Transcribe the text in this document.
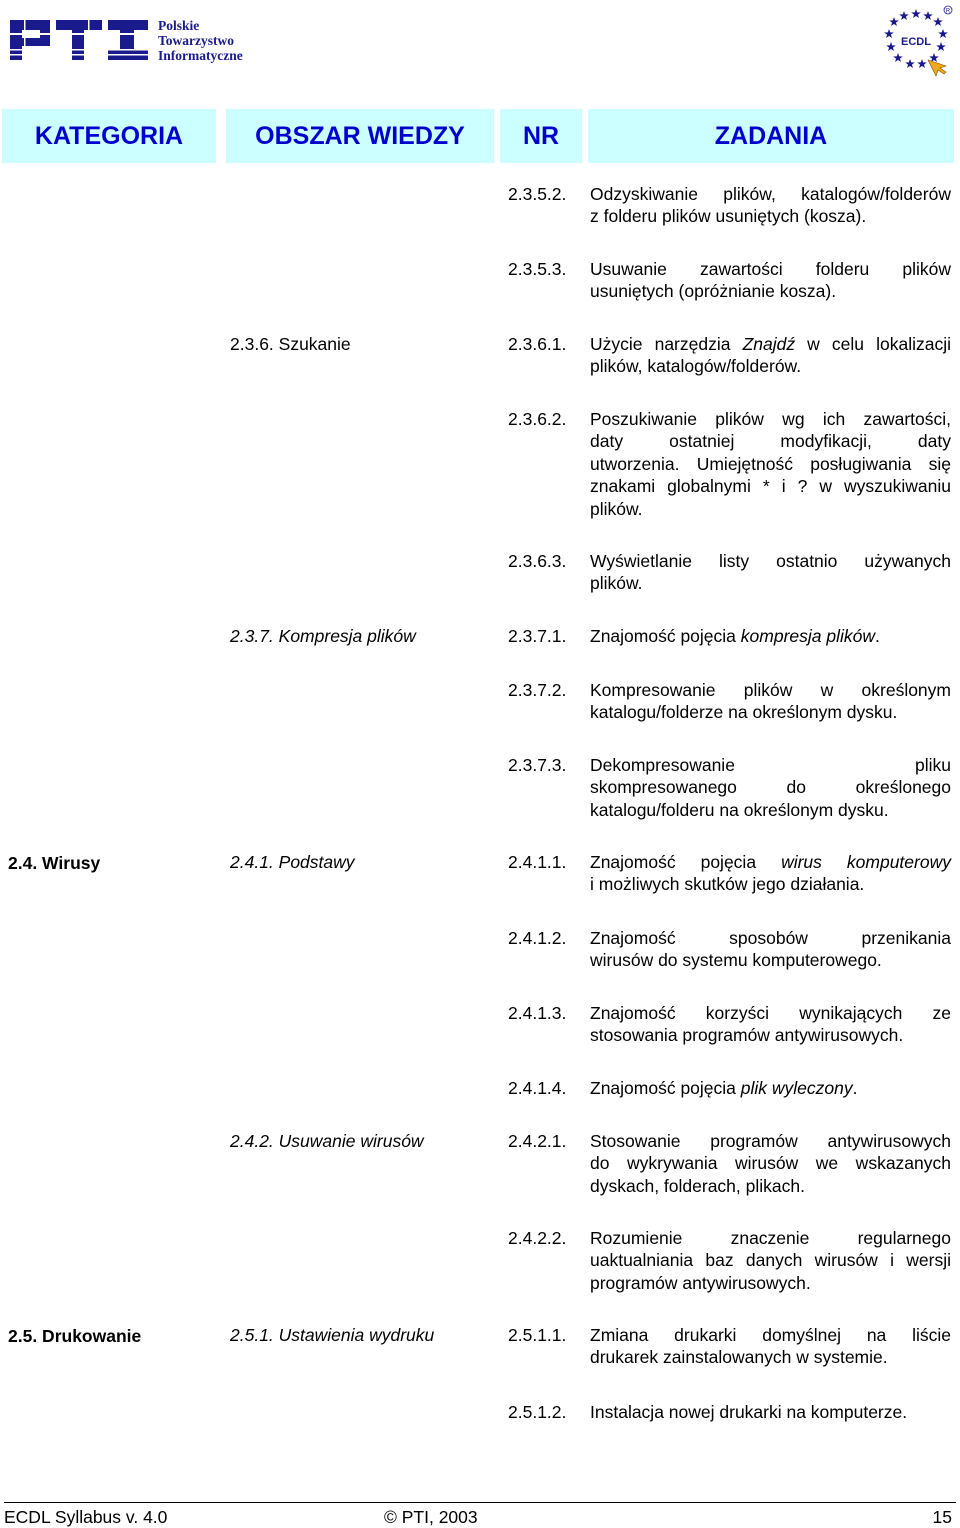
Polskie
Towarzystwo
Informatyczne
ECDL
R
KATEGORIA	OBSZAR WIEDZY	NR	ZADANIA
2.3.5.2. Odzyskiwanie plików, katalogów/folderów
z folderu plików usuniętych (kosza).
2.3.5.3. Usuwanie zawartości folderu plików
usuniętych (opróżnianie kosza).
2.3.6. Szukanie	2.3.6.1. Użycie narzędzia Znajdź w celu lokalizacji
plików, katalogów/folderów.
2.3.6.2. Poszukiwanie plików wg ich zawartości,
daty ostatniej modyfikacji, daty
utworzenia. Umiejętność posługiwania się
znakami globalnymi * i ? w wyszukiwaniu
plików.
2.3.6.3. Wyświetlanie listy ostatnio używanych
plików.
2.3.7. Kompresja plików	2.3.7.1. Znajomość pojęcia kompresja plików.
2.3.7.2. Kompresowanie plików w określonym
katalogu/folderze na określonym dysku.
2.3.7.3. Dekompresowanie pliku
skompresowanego do określonego
katalogu/folderu na określonym dysku.
2.4. Wirusy	2.4.1. Podstawy	2.4.1.1. Znajomość pojęcia wirus komputerowy
i możliwych skutków jego działania.
2.4.1.2. Znajomość sposobów przenikania
wirusów do systemu komputerowego.
2.4.1.3. Znajomość korzyści wynikających ze
stosowania programów antywirusowych.
2.4.1.4. Znajomość pojęcia plik wyleczony.
2.4.2. Usuwanie wirusów	2.4.2.1. Stosowanie programów antywirusowych
do wykrywania wirusów we wskazanych
dyskach, folderach, plikach.
2.4.2.2. Rozumienie znaczenie regularnego
uaktualniania baz danych wirusów i wersji
programów antywirusowych.
2.5. Drukowanie	2.5.1. Ustawienia wydruku	2.5.1.1. Zmiana drukarki domyślnej na liście
drukarek zainstalowanych w systemie.
2.5.1.2. Instalacja nowej drukarki na komputerze.
ECDL Syllabus v. 4.0	© PTI, 2003	15
